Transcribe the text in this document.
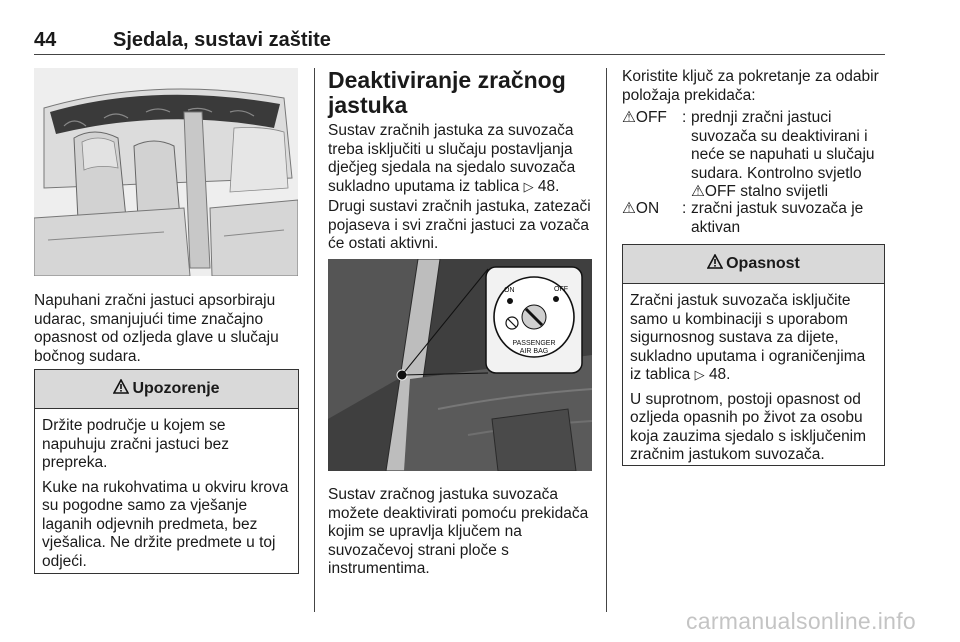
44	Sjedala, sustavi zaštite
Napuhani zračni jastuci apsorbiraju udarac, smanjujući time značajno opasnost od ozljeda glave u slučaju bočnog sudara.
Upozorenje

Držite područje u kojem se napuhuju zračni jastuci bez prepreka.

Kuke na rukohvatima u okviru krova su pogodne samo za vješanje laganih odjevnih predmeta, bez vješalica. Ne držite predmete u toj odjeći.

Deaktiviranje zračnog jastuka
Sustav zračnih jastuka za suvozača treba isključiti u slučaju postavljanja dječjeg sjedala na sjedalo suvozača sukladno uputama iz tablica ▷ 48.
Drugi sustavi zračnih jastuka, zatezači pojaseva i svi zračni jastuci za vozača će ostati aktivni.
ON	OFF
PASSENGER
AIR BAG
Sustav zračnog jastuka suvozača možete deaktivirati pomoću prekidača kojim se upravlja ključem na suvozačevoj strani ploče s instrumentima.
Koristite ključ za pokretanje za odabir položaja prekidača:
⚠︎OFF : prednji zračni jastuci suvozača su deaktivirani i neće se napuhati u slučaju sudara. Kontrolno svjetlo
⚠︎OFF stalno svijetli
⚠︎ON : zračni jastuk suvozača je aktivan
Opasnost

Zračni jastuk suvozača isključite samo u kombinaciji s uporabom sigurnosnog sustava za dijete, sukladno uputama i ograničenjima iz tablica ▷ 48.

U suprotnom, postoji opasnost od ozljeda opasnih po život za osobu koja zauzima sjedalo s isključenim zračnim jastukom suvozača.

carmanualsonline.info
